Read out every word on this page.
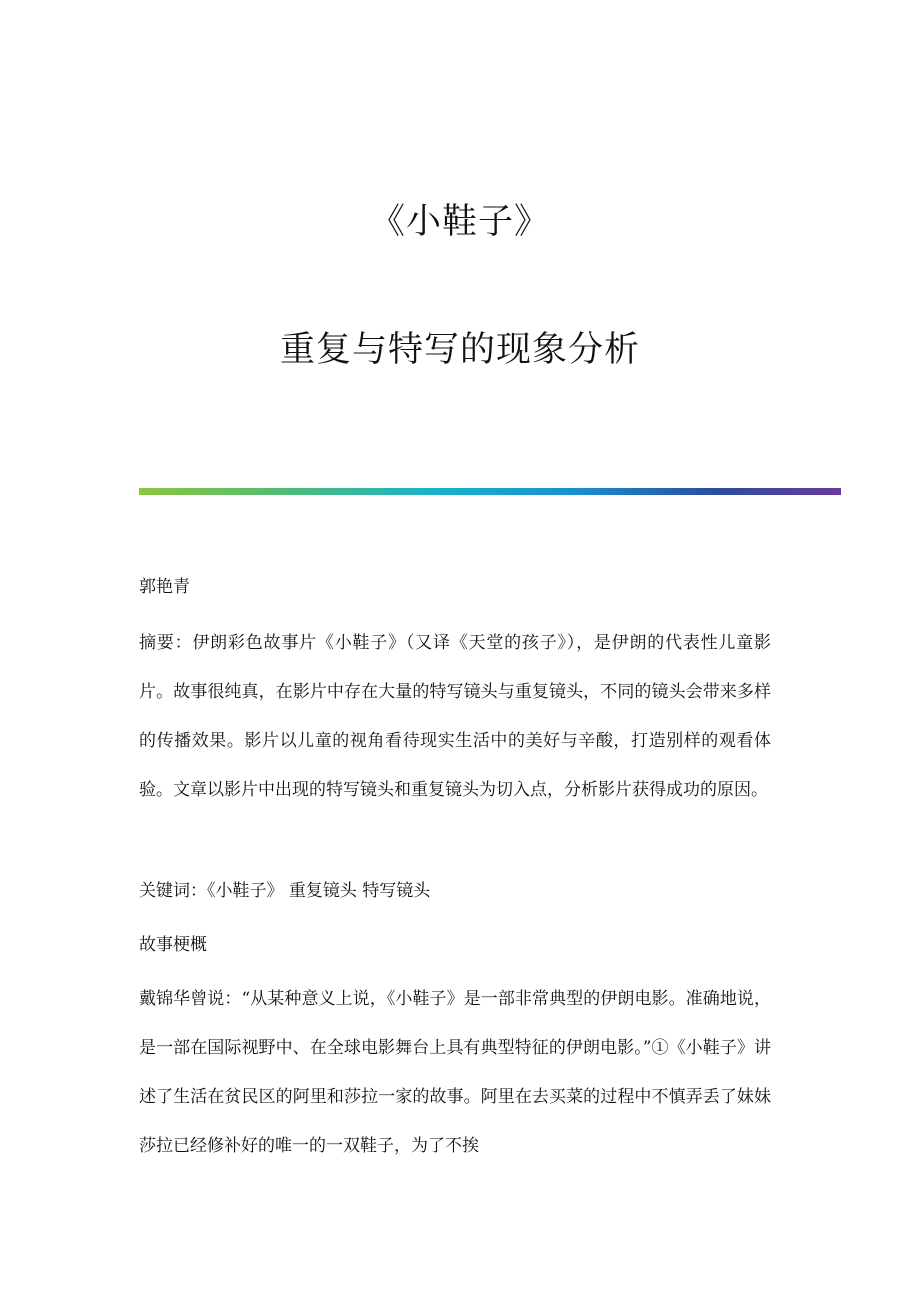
《小鞋子》
重复与特写的现象分析

郭艳青

摘要：伊朗彩色故事片《小鞋子》（又译《天堂的孩子》），是伊朗的代表性儿童影片。故事很纯真，在影片中存在大量的特写镜头与重复镜头，不同的镜头会带来多样的传播效果。影片以儿童的视角看待现实生活中的美好与辛酸，打造别样的观看体验。文章以影片中出现的特写镜头和重复镜头为切入点，分析影片获得成功的原因。

关键词：《小鞋子》 重复镜头 特写镜头

故事梗概

戴锦华曾说：“从某种意义上说，《小鞋子》是一部非常典型的伊朗电影。准确地说，是一部在国际视野中、在全球电影舞台上具有典型特征的伊朗电影。”①《小鞋子》讲述了生活在贫民区的阿里和莎拉一家的故事。阿里在去买菜的过程中不慎弄丢了妹妹莎拉已经修补好的唯一的一双鞋子，为了不挨
